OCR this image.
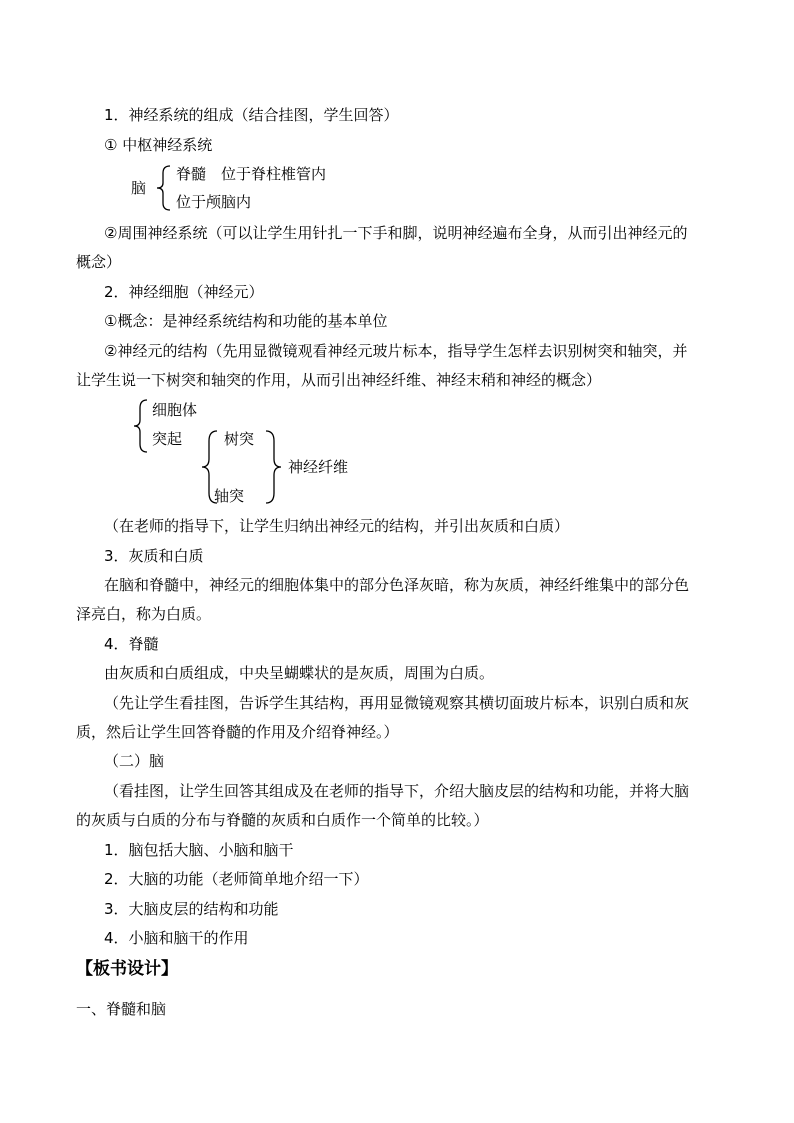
1．神经系统的组成（结合挂图，学生回答）
① 中枢神经系统
脑
脊髓　位于脊柱椎管内
位于颅脑内
②周围神经系统（可以让学生用针扎一下手和脚，说明神经遍布全身，从而引出神经元的
概念）
2．神经细胞（神经元）
①概念：是神经系统结构和功能的基本单位
②神经元的结构（先用显微镜观看神经元玻片标本，指导学生怎样去识别树突和轴突，并
让学生说一下树突和轴突的作用，从而引出神经纤维、神经末稍和神经的概念）
细胞体
突起	树突
轴突
神经纤维
（在老师的指导下，让学生归纳出神经元的结构，并引出灰质和白质）
3．灰质和白质
在脑和脊髓中，神经元的细胞体集中的部分色泽灰暗，称为灰质，神经纤维集中的部分色
泽亮白，称为白质。
4．脊髓
由灰质和白质组成，中央呈蝴蝶状的是灰质，周围为白质。
（先让学生看挂图，告诉学生其结构，再用显微镜观察其横切面玻片标本，识别白质和灰
质，然后让学生回答脊髓的作用及介绍脊神经。）
（二）脑
（看挂图，让学生回答其组成及在老师的指导下，介绍大脑皮层的结构和功能，并将大脑
的灰质与白质的分布与脊髓的灰质和白质作一个简单的比较。）
1．脑包括大脑、小脑和脑干
2．大脑的功能（老师简单地介绍一下）
3．大脑皮层的结构和功能
4．小脑和脑干的作用
【板书设计】
一、脊髓和脑
